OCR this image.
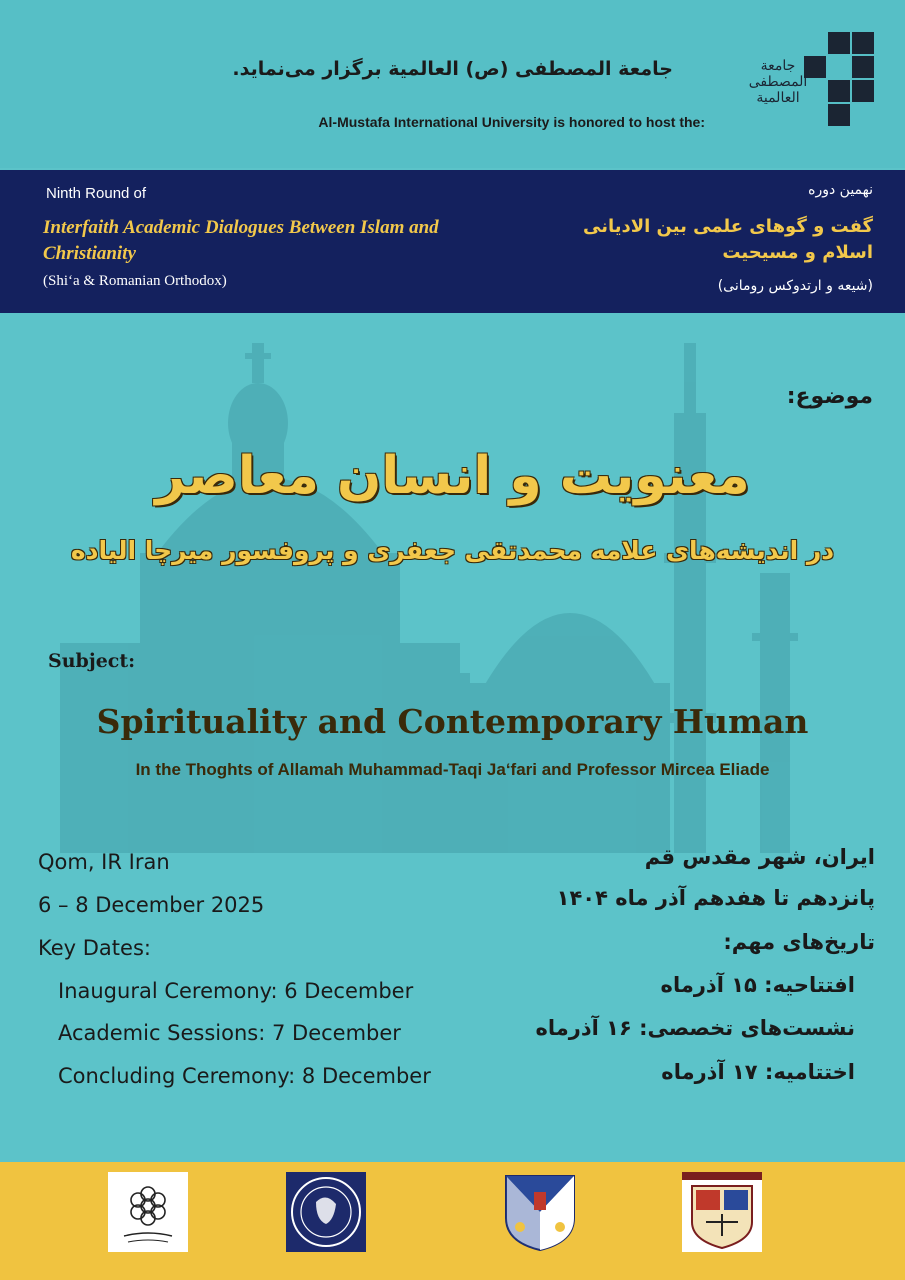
جامعة المصطفى (ص) العالمية برگزار می‌نماید.
Al-Mustafa International University is honored to host the:
جامعة المصطفى العالمية
Ninth Round of
Interfaith Academic Dialogues Between Islam and Christianity
(Shi‘a & Romanian Orthodox)
نهمین دوره
گفت و گوهای علمی بین الادیانی
اسلام و مسیحیت
(شیعه و ارتدوکس رومانی)
موضوع:
معنویت و انسان معاصر
در اندیشه‌های علامه محمدتقی جعفری و پروفسور میرچا الیاده
Subject:
Spirituality and Contemporary Human
In the Thoghts of Allamah Muhammad-Taqi Ja‘fari and Professor Mircea Eliade
Qom, IR Iran
6 – 8 December 2025
Key Dates:
Inaugural Ceremony: 6 December
Academic Sessions: 7 December
Concluding Ceremony: 8 December
ایران، شهر مقدس قم
پانزدهم تا هفدهم آذر ماه ۱۴۰۴
تاریخ‌های مهم:
افتتاحیه: ۱۵ آذرماه
نشست‌های تخصصی: ۱۶ آذرماه
اختتامیه: ۱۷ آذرماه
